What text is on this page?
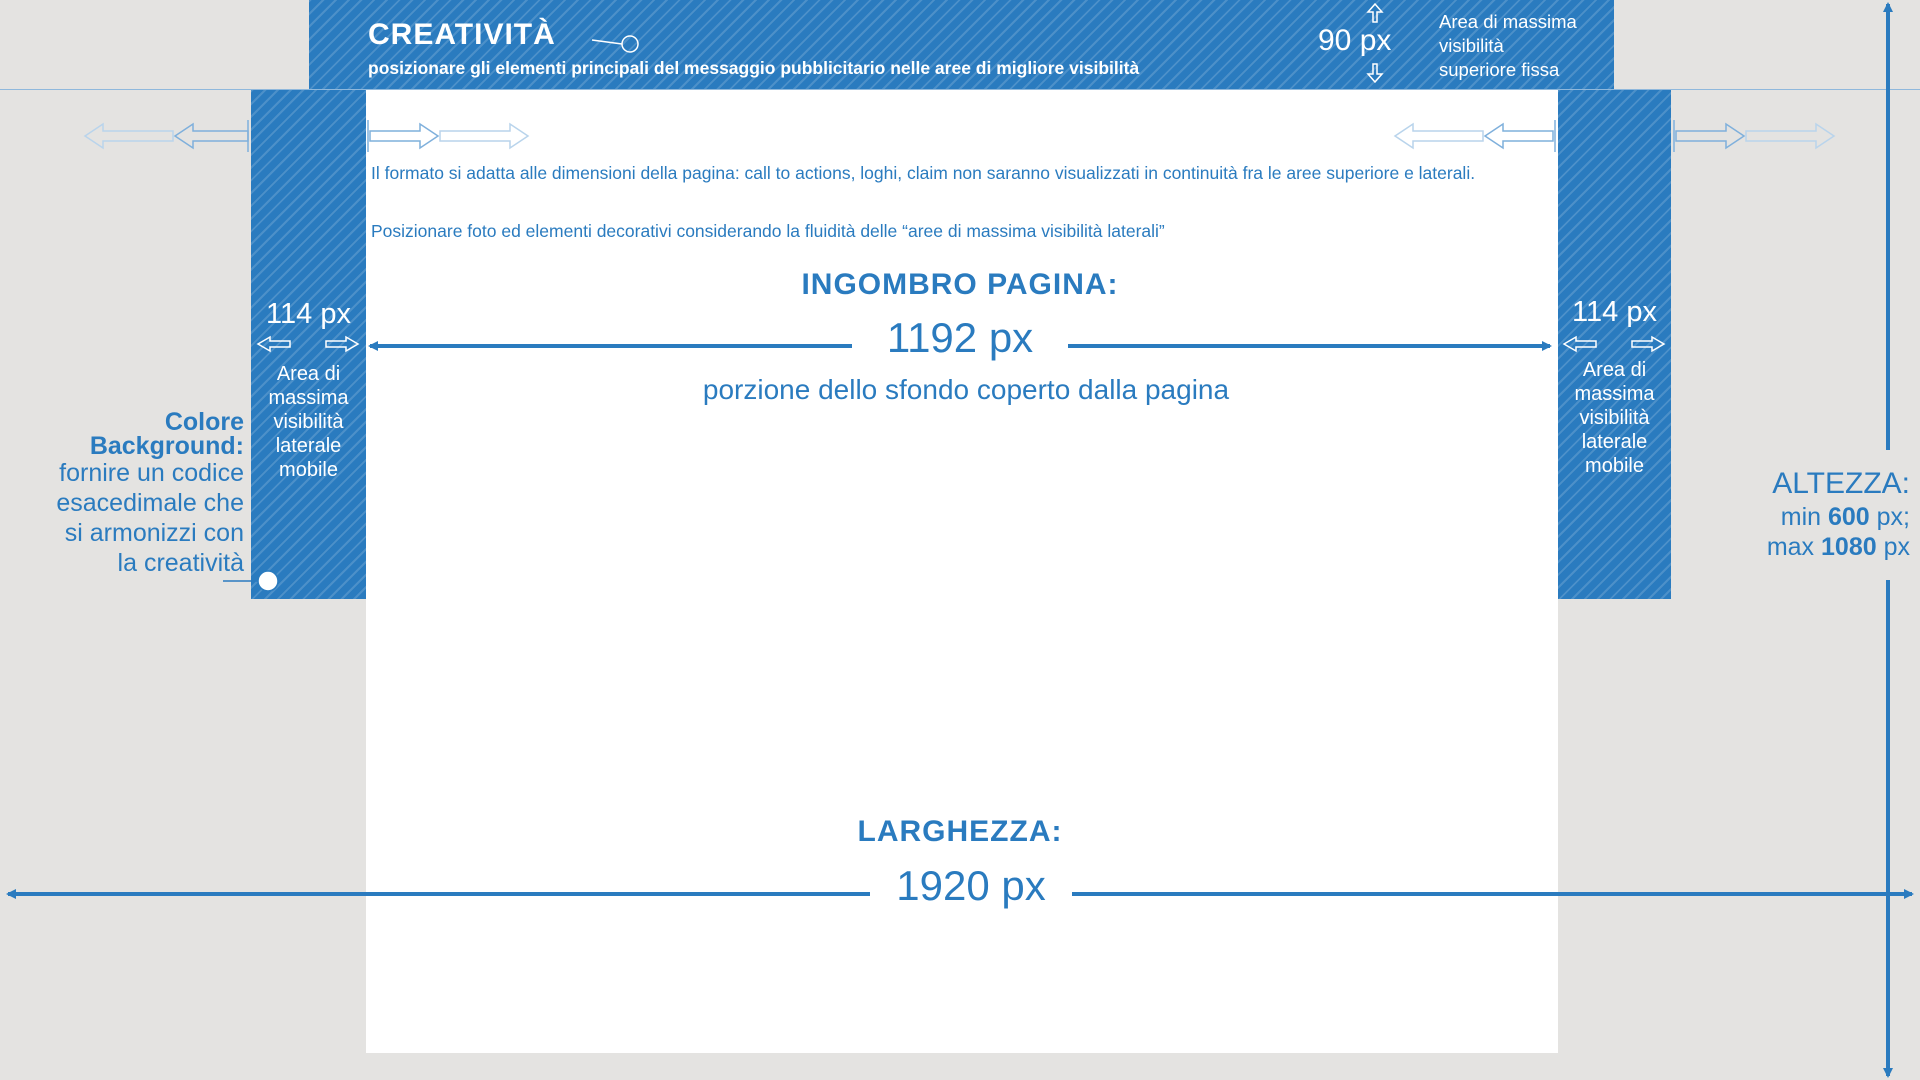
CREATIVITÀ
posizionare gli elementi principali del messaggio pubblicitario nelle aree di migliore visibilità
90 px
Area di massima
visibilità
superiore fissa
114 px
Area di
massima
visibilità
laterale
mobile
114 px
Area di
massima
visibilità
laterale
mobile
Il formato si adatta alle dimensioni della pagina: call to actions, loghi, claim non saranno visualizzati in continuità fra le aree superiore e laterali.
Posizionare foto ed elementi decorativi considerando la fluidità delle “aree di massima visibilità laterali”
INGOMBRO PAGINA:
1192 px
porzione dello sfondo coperto dalla pagina
LARGHEZZA:
1920 px
Colore
Background:
fornire un codice
esacedimale che
si armonizzi con
la creatività
ALTEZZA:
min 600 px;
max 1080 px
